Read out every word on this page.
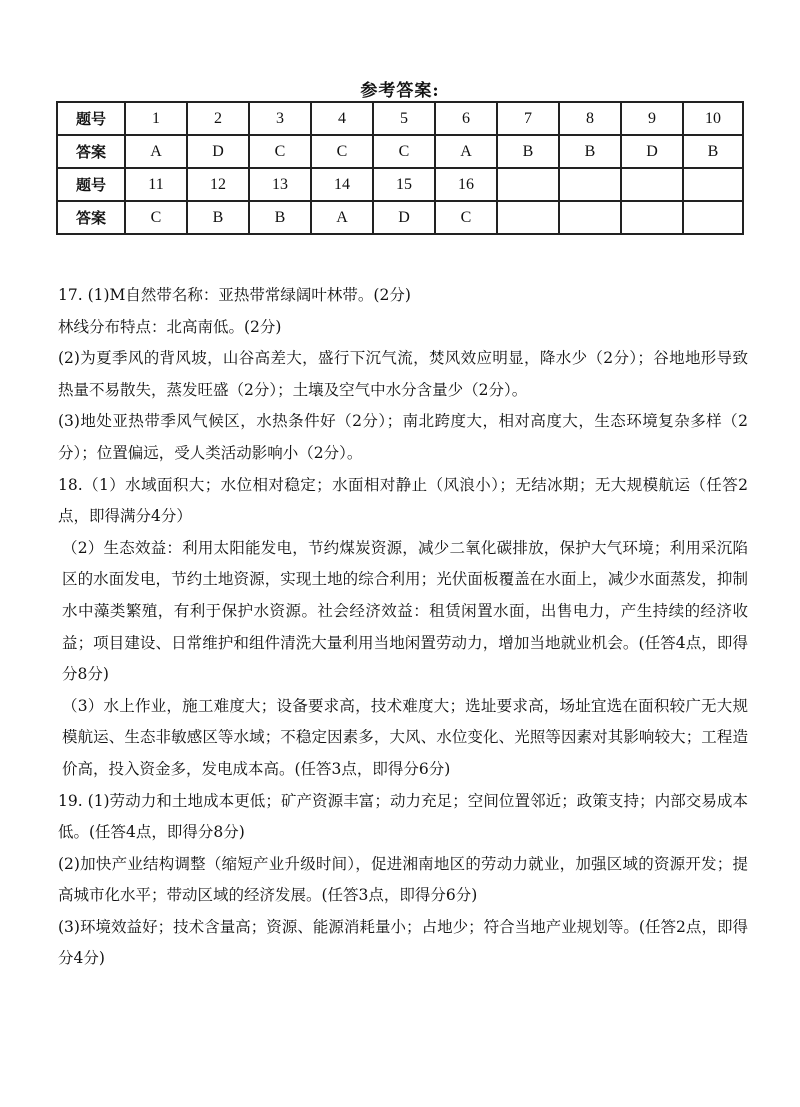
参考答案:
题号	1	2	3	4	5	6	7	8	9	10
答案	A	D	C	C	C	A	B	B	D	B
题号	11	12	13	14	15	16				
答案	C	B	B	A	D	C				

17. (1)M自然带名称：亚热带常绿阔叶林带。(2分)

林线分布特点：北高南低。(2分)

(2)为夏季风的背风坡，山谷高差大，盛行下沉气流，焚风效应明显，降水少（2分）；谷地地形导致热量不易散失，蒸发旺盛（2分）；土壤及空气中水分含量少（2分）。

(3)地处亚热带季风气候区，水热条件好（2分）；南北跨度大，相对高度大，生态环境复杂多样（2分）；位置偏远，受人类活动影响小（2分）。

18.（1）水域面积大；水位相对稳定；水面相对静止（风浪小）；无结冰期；无大规模航运（任答2点，即得满分4分）

（2）生态效益：利用太阳能发电，节约煤炭资源，减少二氧化碳排放，保护大气环境；利用采沉陷区的水面发电，节约土地资源，实现土地的综合利用；光伏面板覆盖在水面上，减少水面蒸发，抑制水中藻类繁殖，有利于保护水资源。社会经济效益：租赁闲置水面，出售电力，产生持续的经济收益；项目建设、日常维护和组件清洗大量利用当地闲置劳动力，增加当地就业机会。(任答4点，即得分8分)

（3）水上作业，施工难度大；设备要求高，技术难度大；选址要求高，场址宜选在面积较广无大规模航运、生态非敏感区等水域；不稳定因素多，大风、水位变化、光照等因素对其影响较大；工程造价高，投入资金多，发电成本高。(任答3点，即得分6分)

19. (1)劳动力和土地成本更低；矿产资源丰富；动力充足；空间位置邻近；政策支持；内部交易成本低。(任答4点，即得分8分)

(2)加快产业结构调整（缩短产业升级时间），促进湘南地区的劳动力就业，加强区域的资源开发；提高城市化水平；带动区域的经济发展。(任答3点，即得分6分)

(3)环境效益好；技术含量高；资源、能源消耗量小；占地少；符合当地产业规划等。(任答2点，即得分4分)
